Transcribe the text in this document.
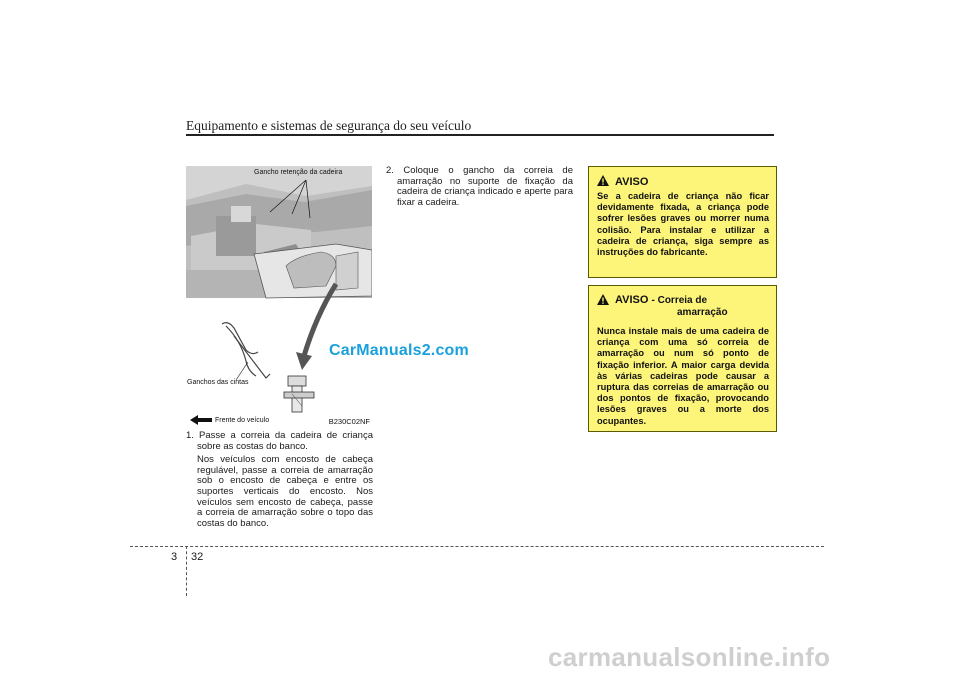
Equipamento e sistemas de segurança do seu veículo
Gancho retenção da cadeira
Ganchos das cintas
Frente do veículo	B230C02NF
CarManuals2.com

1. Passe a correia da cadeira de criança sobre as costas do banco.

Nos veículos com encosto de cabeça regulável, passe a correia de amarração sob o encosto de cabeça e entre os suportes verticais do encosto. Nos veículos sem encosto de cabeça, passe a correia de amarração sobre o topo das costas do banco.

2. Coloque o gancho da correia de amarração no suporte de fixação da cadeira de criança indicado e aperte para fixar a cadeira.

AVISO
Se a cadeira de criança não ficar devidamente fixada, a criança pode sofrer lesões graves ou morrer numa colisão. Para instalar e utilizar a cadeira de criança, siga sempre as instruções do fabricante.
AVISO - Correia de
amarração
Nunca instale mais de uma cadeira de criança com uma só correia de amarração ou num só ponto de fixação inferior. A maior carga devida às várias cadeiras pode causar a ruptura das correias de amarração ou dos pontos de fixação, provocando lesões graves ou a morte dos ocupantes.
3 32
carmanualsonline.info
